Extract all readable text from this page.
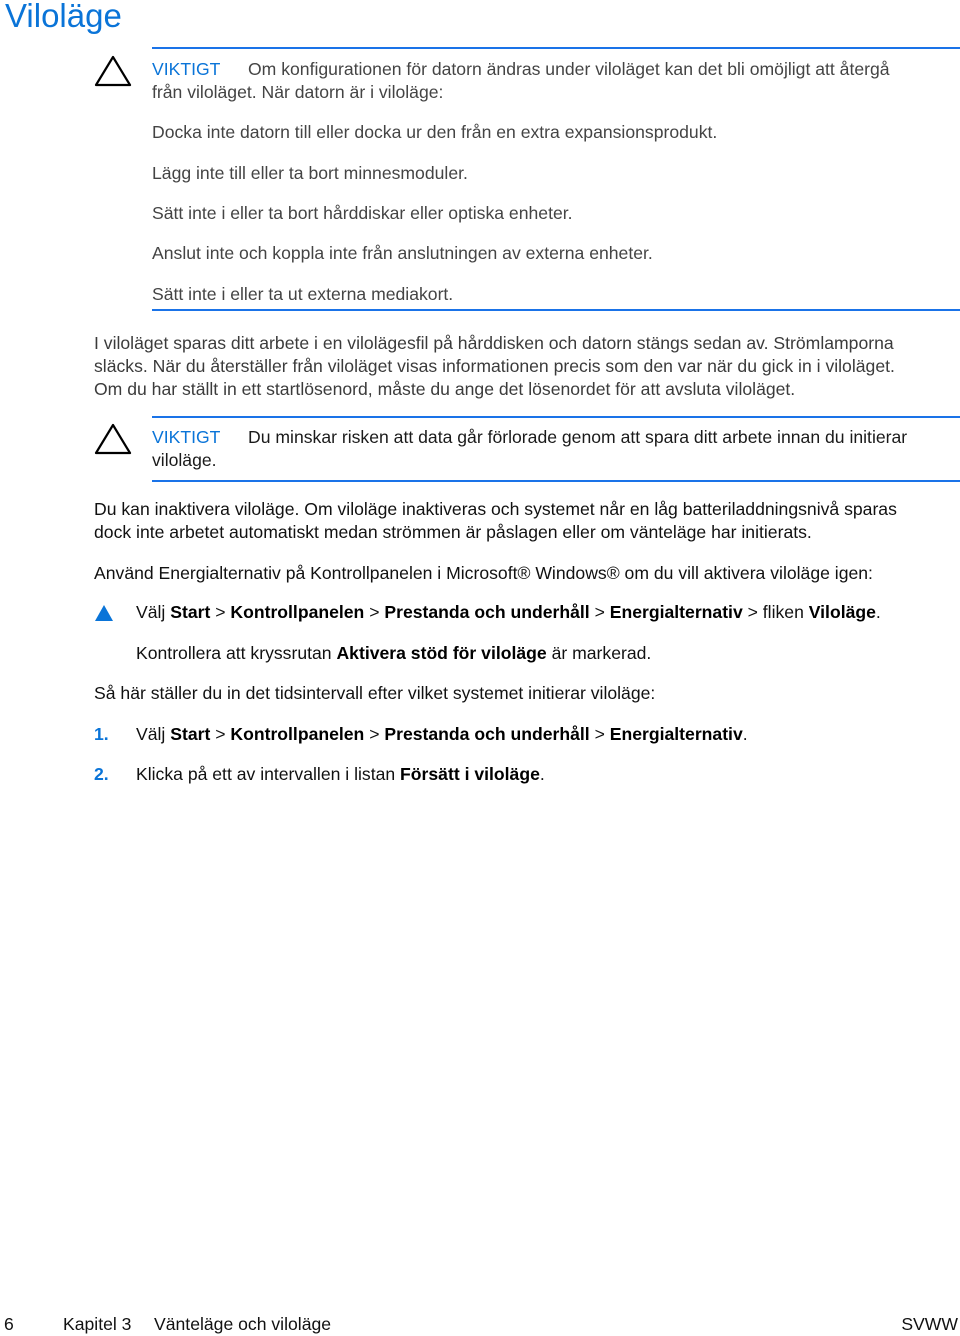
Viloläge
VIKTIGT Om konfigurationen för datorn ändras under viloläget kan det bli omöjligt att återgå
från viloläget. När datorn är i viloläge:
Docka inte datorn till eller docka ur den från en extra expansionsprodukt.
Lägg inte till eller ta bort minnesmoduler.
Sätt inte i eller ta bort hårddiskar eller optiska enheter.
Anslut inte och koppla inte från anslutningen av externa enheter.
Sätt inte i eller ta ut externa mediakort.
I viloläget sparas ditt arbete i en vilolägesfil på hårddisken och datorn stängs sedan av. Strömlamporna
släcks. När du återställer från viloläget visas informationen precis som den var när du gick in i viloläget.
Om du har ställt in ett startlösenord, måste du ange det lösenordet för att avsluta viloläget.
VIKTIGT Du minskar risken att data går förlorade genom att spara ditt arbete innan du initierar
viloläge.
Du kan inaktivera viloläge. Om viloläge inaktiveras och systemet når en låg batteriladdningsnivå sparas
dock inte arbetet automatiskt medan strömmen är påslagen eller om vänteläge har initierats.
Använd Energialternativ på Kontrollpanelen i Microsoft® Windows® om du vill aktivera viloläge igen:
Välj Start > Kontrollpanelen > Prestanda och underhåll > Energialternativ > fliken Viloläge.
Kontrollera att kryssrutan Aktivera stöd för viloläge är markerad.
Så här ställer du in det tidsintervall efter vilket systemet initierar viloläge:
1. Välj Start > Kontrollpanelen > Prestanda och underhåll > Energialternativ.
2. Klicka på ett av intervallen i listan Försätt i viloläge.
6	Kapitel 3 Vänteläge och viloläge	SVWW
